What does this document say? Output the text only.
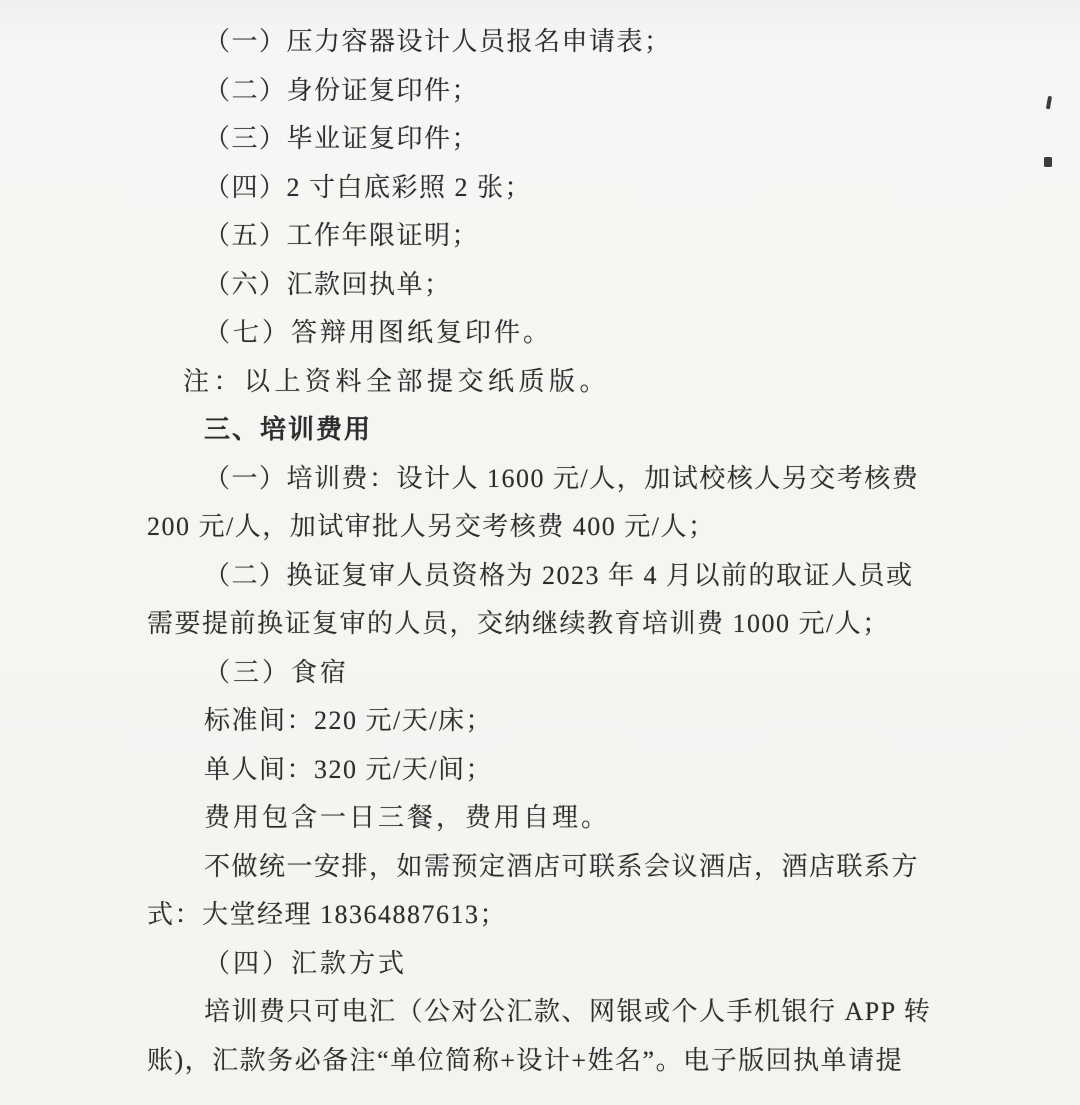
（一）压力容器设计人员报名申请表；
（二）身份证复印件；
（三）毕业证复印件；
（四）2 寸白底彩照 2 张；
（五）工作年限证明；
（六）汇款回执单；
（七）答辩用图纸复印件。
注：以上资料全部提交纸质版。
三、培训费用
（一）培训费：设计人 1600 元/人，加试校核人另交考核费
200 元/人，加试审批人另交考核费 400 元/人；
（二）换证复审人员资格为 2023 年 4 月以前的取证人员或
需要提前换证复审的人员，交纳继续教育培训费 1000 元/人；
（三）食宿
标准间：220 元/天/床；
单人间：320 元/天/间；
费用包含一日三餐，费用自理。
不做统一安排，如需预定酒店可联系会议酒店，酒店联系方
式：大堂经理 18364887613；
（四）汇款方式
培训费只可电汇（公对公汇款、网银或个人手机银行 APP 转
账)，汇款务必备注“单位简称+设计+姓名”。电子版回执单请提
